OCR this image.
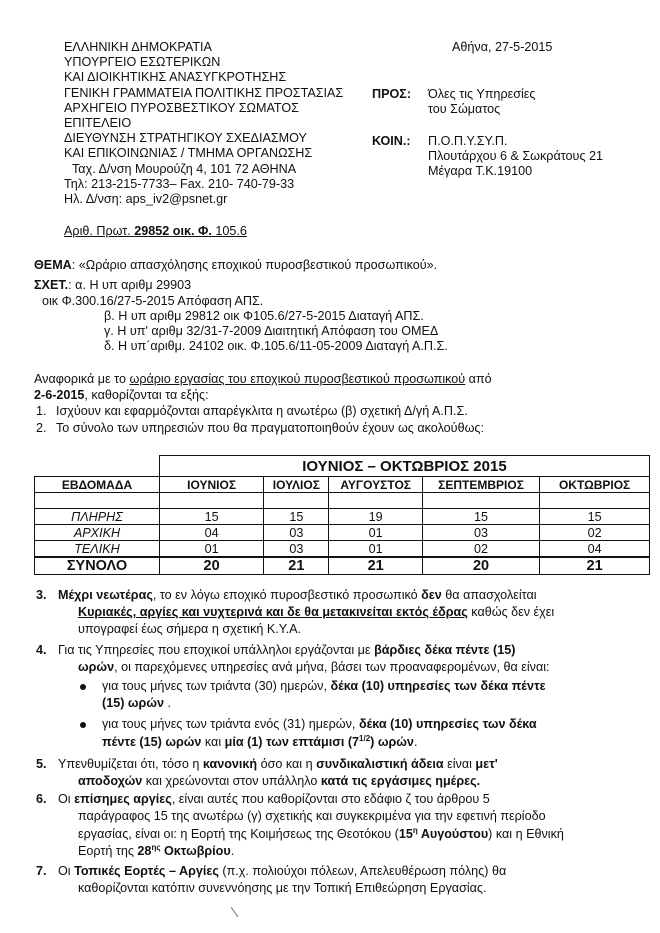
ΕΛΛΗΝΙΚΗ ΔΗΜΟΚΡΑΤΙΑ
ΥΠΟΥΡΓΕΙΟ ΕΣΩΤΕΡΙΚΩΝ
ΚΑΙ ΔΙΟΙΚΗΤΙΚΗΣ ΑΝΑΣΥΓΚΡΟΤΗΣΗΣ
ΓΕΝΙΚΗ ΓΡΑΜΜΑΤΕΙΑ ΠΟΛΙΤΙΚΗΣ ΠΡΟΣΤΑΣΙΑΣ
ΑΡΧΗΓΕΙΟ ΠΥΡΟΣΒΕΣΤΙΚΟΥ ΣΩΜΑΤΟΣ
ΕΠΙΤΕΛΕΙΟ
ΔΙΕΥΘΥΝΣΗ ΣΤΡΑΤΗΓΙΚΟΥ ΣΧΕΔΙΑΣΜΟΥ
ΚΑΙ ΕΠΙΚΟΙΝΩΝΙΑΣ / ΤΜΗΜΑ ΟΡΓΑΝΩΣΗΣ
Ταχ. Δ/νση Μουρούζη 4, 101 72 ΑΘΗΝΑ
Τηλ: 213-215-7733– Fax. 210- 740-79-33
Ηλ. Δ/νση: aps_iv2@psnet.gr
Αθήνα, 27-5-2015
ΠΡΟΣ: Όλες τις Υπηρεσίες
του Σώματος
ΚΟΙΝ.: Π.Ο.Π.Υ.ΣΥ.Π.
Πλουτάρχου 6 & Σωκράτους 21
Μέγαρα Τ.Κ.19100
Αριθ. Πρωτ. 29852 οικ. Φ. 105.6
ΘΕΜΑ: «Ωράριο απασχόλησης εποχικού πυροσβεστικού προσωπικού».
ΣΧΕΤ.: α. Η υπ αριθμ 29903
οικ Φ.300.16/27-5-2015 Απόφαση ΑΠΣ.
β. Η υπ αριθμ 29812 οικ Φ105.6/27-5-2015 Διαταγή ΑΠΣ.
γ. Η υπ' αριθμ 32/31-7-2009 Διαιτητική Απόφαση του ΟΜΕΔ
δ. Η υπ΄αριθμ. 24102 οικ. Φ.105.6/11-05-2009 Διαταγή Α.Π.Σ.
Αναφορικά με το ωράριο εργασίας του εποχικού πυροσβεστικού προσωπικού από
2-6-2015, καθορίζονται τα εξής:
1. Ισχύουν και εφαρμόζονται απαρέγκλιτα η ανωτέρω (β) σχετική Δ/γή Α.Π.Σ.
2. Το σύνολο των υπηρεσιών που θα πραγματοποιηθούν έχουν ως ακολούθως:
	ΙΟΥΝΙΟΣ – ΟΚΤΩΒΡΙΟΣ 2015				
ΕΒΔΟΜΑΔΑ	ΙΟΥΝΙΟΣ	ΙΟΥΛΙΟΣ	ΑΥΓΟΥΣΤΟΣ	ΣΕΠΤΕΜΒΡΙΟΣ	ΟΚΤΩΒΡΙΟΣ

ΠΛΗΡΗΣ	15	15	19	15	15
ΑΡΧΙΚΗ	04	03	01	03	02
ΤΕΛΙΚΗ	01	03	01	02	04
ΣΥΝΟΛΟ	20	21	21	20	21
3. Μέχρι νεωτέρας, το εν λόγω εποχικό πυροσβεστικό προσωπικό δεν θα απασχολείται
Κυριακές, αργίες και νυχτερινά και δε θα μετακινείται εκτός έδρας καθώς δεν έχει
υπογραφεί έως σήμερα η σχετική Κ.Υ.Α.
4. Για τις Υπηρεσίες που εποχικοί υπάλληλοι εργάζονται με βάρδιες δέκα πέντε (15)
ωρών, οι παρεχόμενες υπηρεσίες ανά μήνα, βάσει των προαναφερομένων, θα είναι:
για τους μήνες των τριάντα (30) ημερών, δέκα (10) υπηρεσίες των δέκα πέντε
(15) ωρών .
για τους μήνες των τριάντα ενός (31) ημερών, δέκα (10) υπηρεσίες των δέκα
πέντε (15) ωρών και μία (1) των επτάμισι $(7^{1/2})$ ωρών.
5. Υπενθυμίζεται ότι, τόσο η κανονική όσο και η συνδικαλιστική άδεια είναι μετ'
αποδοχών και χρεώνονται στον υπάλληλο κατά τις εργάσιμες ημέρες.
6. Οι επίσημες αργίες, είναι αυτές που καθορίζονται στο εδάφιο ζ του άρθρου 5
παράγραφος 15 της ανωτέρω (γ) σχετικής και συγκεκριμένα για την εφετινή περίοδο
εργασίας, είναι οι: η Εορτή της Κοιμήσεως της Θεοτόκου ($15^\eta$ Αυγούστου) και η Εθνική
Εορτή της $28^{\eta\varsigma}$ Οκτωβρίου.
7. Οι Τοπικές Εορτές – Αργίες (π.χ. πολιούχοι πόλεων, Απελευθέρωση πόλης) θα
καθορίζονται κατόπιν συνεννόησης με την Τοπική Επιθεώρηση Εργασίας.
